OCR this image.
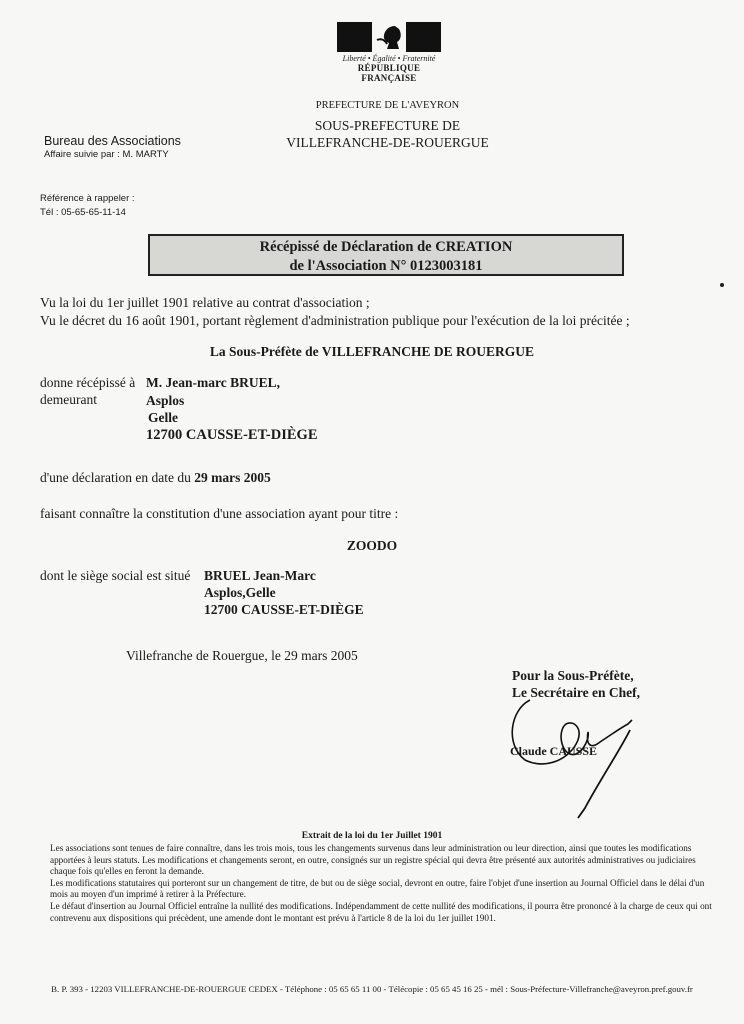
Liberté • Égalité • Fraternité
RÉPUBLIQUE FRANÇAISE
PREFECTURE DE L'AVEYRON
SOUS-PREFECTURE DE
VILLEFRANCHE-DE-ROUERGUE
Bureau des Associations
Affaire suivie par : M. MARTY
Référence à rappeler :
Tél : 05-65-65-11-14
Récépissé de Déclaration de CREATION
de l'Association N° 0123003181
Vu la loi du 1er juillet 1901 relative au contrat d'association ;
Vu le décret du 16 août 1901, portant règlement d'administration publique pour l'exécution de la loi précitée ;
La Sous-Préfète de VILLEFRANCHE DE ROUERGUE
donne récépissé à
demeurant
M. Jean-marc BRUEL,
Asplos
Gelle
12700 CAUSSE-ET-DIÈGE
d'une déclaration en date du 29 mars 2005
faisant connaître la constitution d'une association ayant pour titre :
ZOODO
dont le siège social est situé BRUEL Jean-Marc
Asplos,Gelle
12700 CAUSSE-ET-DIÈGE
Villefranche de Rouergue, le 29 mars 2005
Pour la Sous-Préfète,
Le Secrétaire en Chef,
Claude CAUSSE
Extrait de la loi du 1er Juillet 1901

Les associations sont tenues de faire connaître, dans les trois mois, tous les changements survenus dans leur administration ou leur direction, ainsi que toutes les modifications apportées à leurs statuts. Les modifications et changements seront, en outre, consignés sur un registre spécial qui devra être présenté aux autorités administratives ou judiciaires chaque fois qu'elles en feront la demande.

Les modifications statutaires qui porteront sur un changement de titre, de but ou de siège social, devront en outre, faire l'objet d'une insertion au Journal Officiel dans le délai d'un mois au moyen d'un imprimé à retirer à la Préfecture.

Le défaut d'insertion au Journal Officiel entraîne la nullité des modifications. Indépendamment de cette nullité des modifications, il pourra être prononcé à la charge de ceux qui ont contrevenu aux dispositions qui précèdent, une amende dont le montant est prévu à l'article 8 de la loi du 1er juillet 1901.

B. P. 393 - 12203 VILLEFRANCHE-DE-ROUERGUE CEDEX - Téléphone : 05 65 65 11 00 - Télécopie : 05 65 45 16 25 - mél : Sous-Préfecture-Villefranche@aveyron.pref.gouv.fr
